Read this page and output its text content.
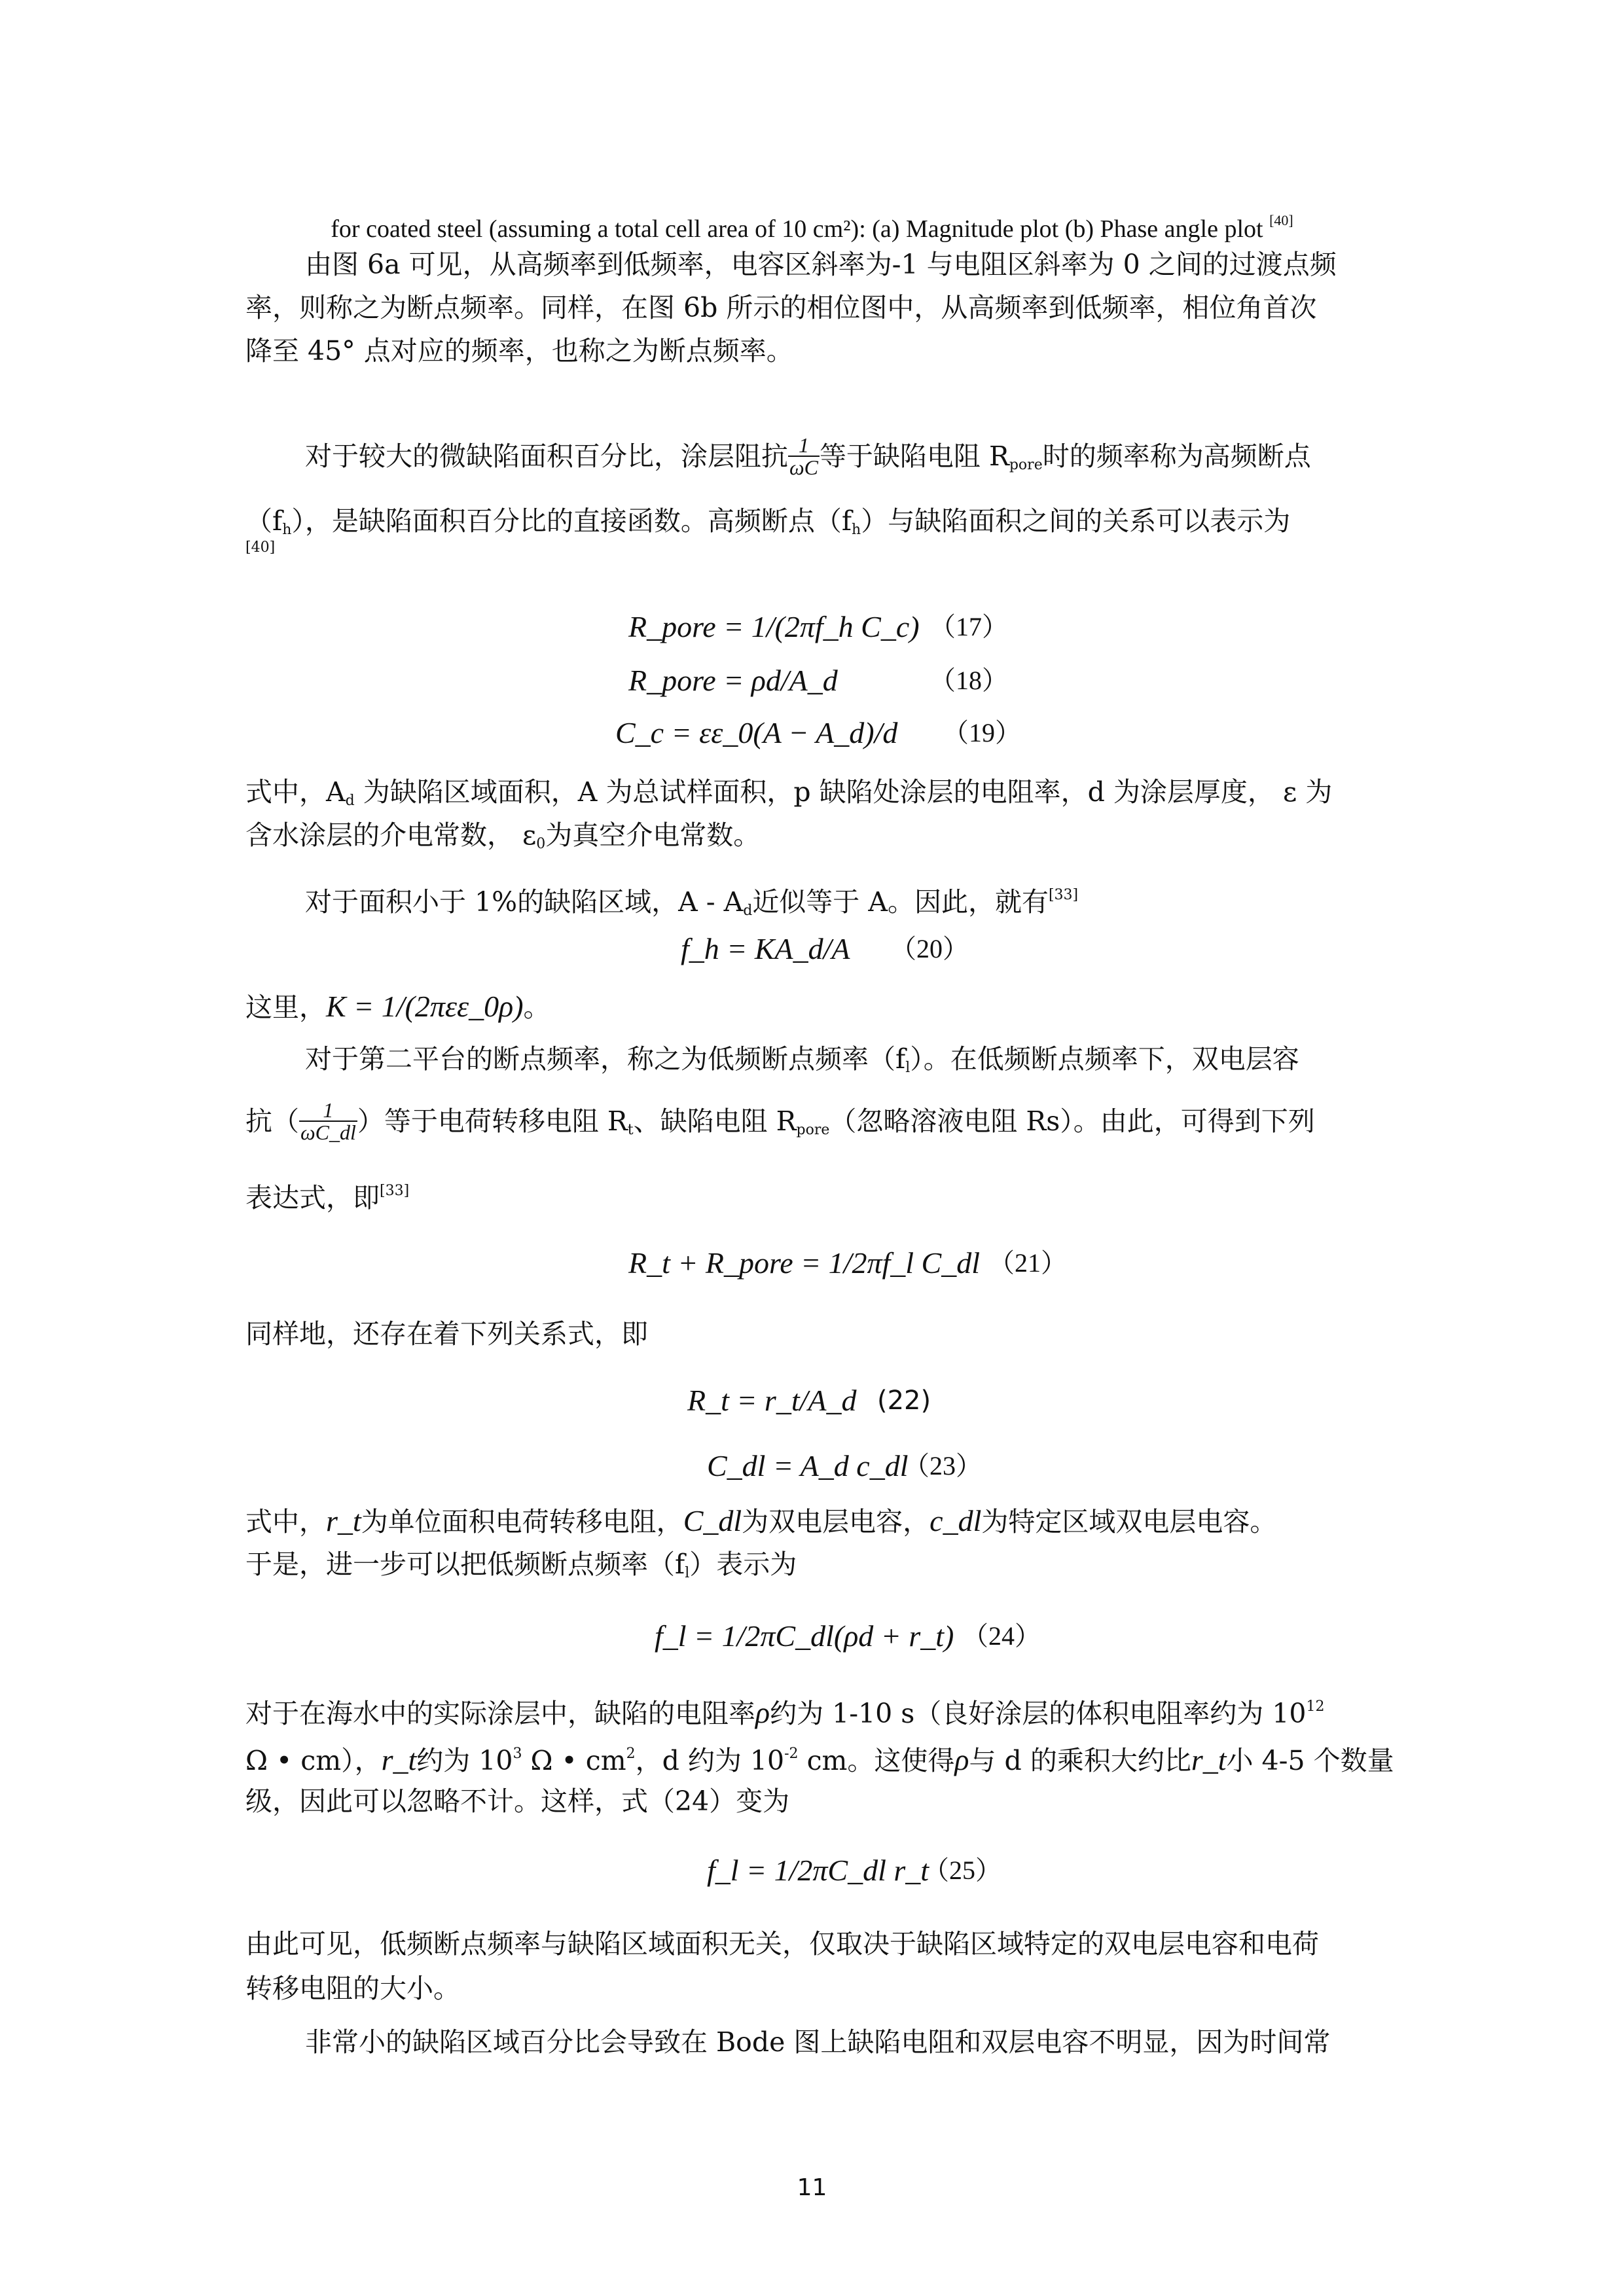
for coated steel (assuming a total cell area of 10 cm²): (a) Magnitude plot (b) Phase angle plot [40]
由图 6a 可见，从高频率到低频率，电容区斜率为-1 与电阻区斜率为 0 之间的过渡点频
率，则称之为断点频率。同样，在图 6b 所示的相位图中，从高频率到低频率，相位角首次
降至 45° 点对应的频率，也称之为断点频率。
对于较大的微缺陷面积百分比，涂层阻抗 $\frac{1}{\omega C}$ 等于缺陷电阻 $R_{pore}$时的频率称为高频断点
$(f_h)$，是缺陷面积百分比的直接函数。高频断点$(f_h)$与缺陷面积之间的关系可以表示为
[40]
R_pore = 1/(2πf_h C_c) （17）
R_pore = ρd/A_d	（18）
C_c = εε_0(A − A_d)/d （19）
式中，$A_d$ 为缺陷区域面积，A 为总试样面积，p 缺陷处涂层的电阻率，d 为涂层厚度， ε 为
含水涂层的介电常数， $\varepsilon_0$为真空介电常数。
对于面积小于 1%的缺陷区域，A - $A_d$近似等于 A。因此，就有[33]
f_h = KA_d/A （20）
这里，K = 1/(2πεε_0ρ)。
对于第二平台的断点频率，称之为低频断点频率$(f_l)$。在低频断点频率下，双电层容
抗（ $\frac{1}{\omega C\_dl}$ ）等于电荷转移电阻 $R_t$、缺陷电阻 $R_{pore}$（忽略溶液电阻 Rs）。由此，可得到下列
表达式，即[33]
R_t + R_pore = 1/2πf_l C_dl （21）
同样地，还存在着下列关系式，即
R_t = r_t/A_d (22)
C_dl = A_d c_dl
（23）
式中，r_t为单位面积电荷转移电阻，C_dl为双电层电容，c_dl为特定区域双电层电容。
于是，进一步可以把低频断点频率$(f_l)$表示为
f_l = 1/2πC_dl(ρd + r_t) （24）
对于在海水中的实际涂层中，缺陷的电阻率ρ约为 1-10 s（良好涂层的体积电阻率约为 $10^{12}$
Ω • cm），r_t约为 $10^3$ Ω • $cm^2$，d 约为 $10^{-2}$ cm。这使得ρ与 d 的乘积大约比r_t小 4-5 个数量
级，因此可以忽略不计。这样，式（24）变为
f_l = 1/2πC_dl r_t
（25）
由此可见，低频断点频率与缺陷区域面积无关，仅取决于缺陷区域特定的双电层电容和电荷
转移电阻的大小。
非常小的缺陷区域百分比会导致在 Bode 图上缺陷电阻和双层电容不明显，因为时间常
11
